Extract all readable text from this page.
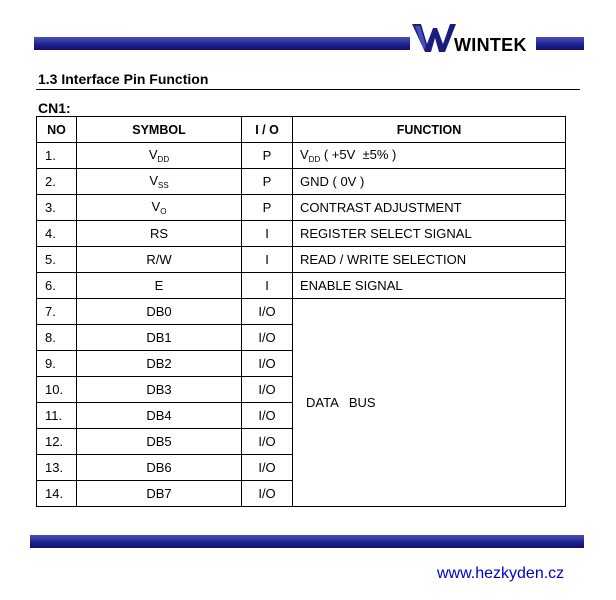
WINTEK
1.3 Interface Pin Function
CN1:
NO	SYMBOL	I / O	FUNCTION
1.	$V_{DD}$	P	$V_{DD}$ ( +5V  ±5% )
2.	$V_{SS}$	P	GND ( 0V )
3.	$V_O$	P	CONTRAST ADJUSTMENT
4.	RS	I	REGISTER SELECT SIGNAL
5.	R/W	I	READ / WRITE SELECTION
6.	E	I	ENABLE SIGNAL
7.	DB0	I/O	DATA   BUS
8.	DB1	I/O	
9.	DB2	I/O	
10.	DB3	I/O	
11.	DB4	I/O	
12.	DB5	I/O	
13.	DB6	I/O	
14.	DB7	I/O	
www.hezkyden.cz
